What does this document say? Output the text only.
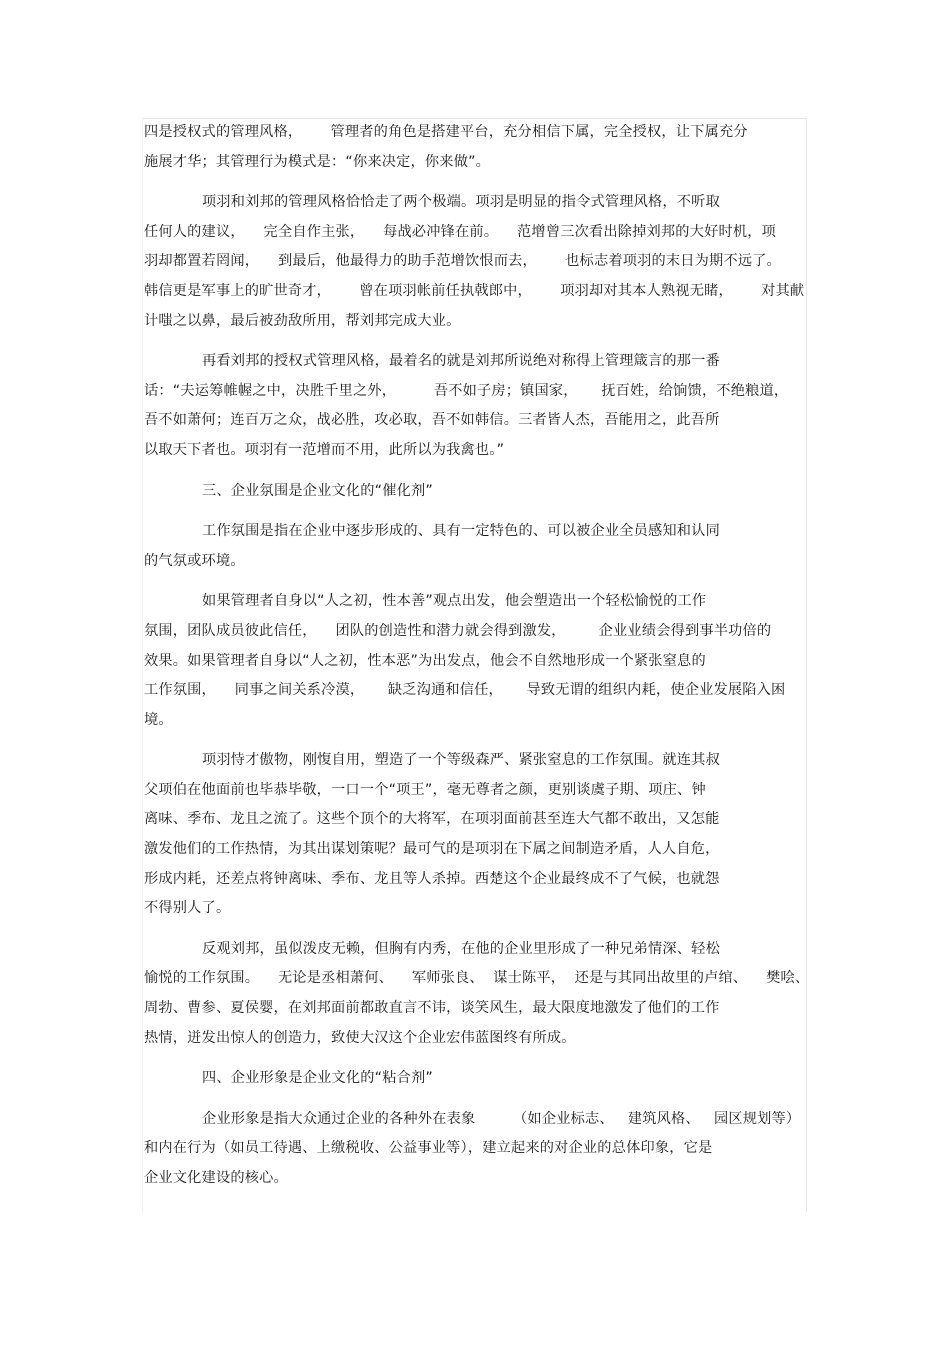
四是授权式的管理风格，      管理者的角色是搭建平台，充分相信下属，完全授权，让下属充分
施展才华；其管理行为模式是：“你来决定，你来做”。
项羽和刘邦的管理风格恰恰走了两个极端。项羽是明显的指令式管理风格，不听取
任何人的建议，    完全自作主张，    每战必冲锋在前。    范增曾三次看出除掉刘邦的大好时机，项
羽却都置若罔闻，    到最后，他最得力的助手范增饮恨而去，      也标志着项羽的末日为期不远了。
韩信更是军事上的旷世奇才，      曾在项羽帐前任执戟郎中，      项羽却对其本人熟视无睹，      对其献
计嗤之以鼻，最后被劲敌所用，帮刘邦完成大业。
再看刘邦的授权式管理风格，最着名的就是刘邦所说绝对称得上管理箴言的那一番
话：“夫运筹帷幄之中，决胜千里之外，        吾不如子房；镇国家，     抚百姓，给饷馈，不绝粮道，
吾不如萧何；连百万之众，战必胜，攻必取，吾不如韩信。三者皆人杰，吾能用之，此吾所
以取天下者也。项羽有一范增而不用，此所以为我禽也。”
三、企业氛围是企业文化的“催化剂”
工作氛围是指在企业中逐步形成的、具有一定特色的、可以被企业全员感知和认同
的气氛或环境。
如果管理者自身以“人之初，性本善”观点出发，他会塑造出一个轻松愉悦的工作
氛围，团队成员彼此信任，    团队的创造性和潜力就会得到激发，       企业业绩会得到事半功倍的
效果。如果管理者自身以“人之初，性本恶”为出发点，他会不自然地形成一个紧张窒息的
工作氛围，    同事之间关系冷漠，     缺乏沟通和信任，     导致无谓的组织内耗，使企业发展陷入困
境。
项羽恃才傲物，刚愎自用，塑造了一个等级森严、紧张窒息的工作氛围。就连其叔
父项伯在他面前也毕恭毕敬，一口一个“项王”，毫无尊者之颜，更别谈虞子期、项庄、钟
离味、季布、龙且之流了。这些个顶个的大将军，在项羽面前甚至连大气都不敢出，又怎能
激发他们的工作热情，为其出谋划策呢？最可气的是项羽在下属之间制造矛盾，人人自危，
形成内耗，还差点将钟离味、季布、龙且等人杀掉。西楚这个企业最终成不了气候，也就怨
不得别人了。
反观刘邦，虽似泼皮无赖，但胸有内秀，在他的企业里形成了一种兄弟情深、轻松
愉悦的工作氛围。    无论是丞相萧何、    军师张良、  谋士陈平，  还是与其同出故里的卢绾、    樊哙、
周勃、曹参、夏侯婴，在刘邦面前都敢直言不讳，谈笑风生，最大限度地激发了他们的工作
热情，迸发出惊人的创造力，致使大汉这个企业宏伟蓝图终有所成。
四、企业形象是企业文化的“粘合剂”
企业形象是指大众通过企业的各种外在表象        （如企业标志、   建筑风格、   园区规划等）
和内在行为（如员工待遇、上缴税收、公益事业等），建立起来的对企业的总体印象，它是
企业文化建设的核心。
